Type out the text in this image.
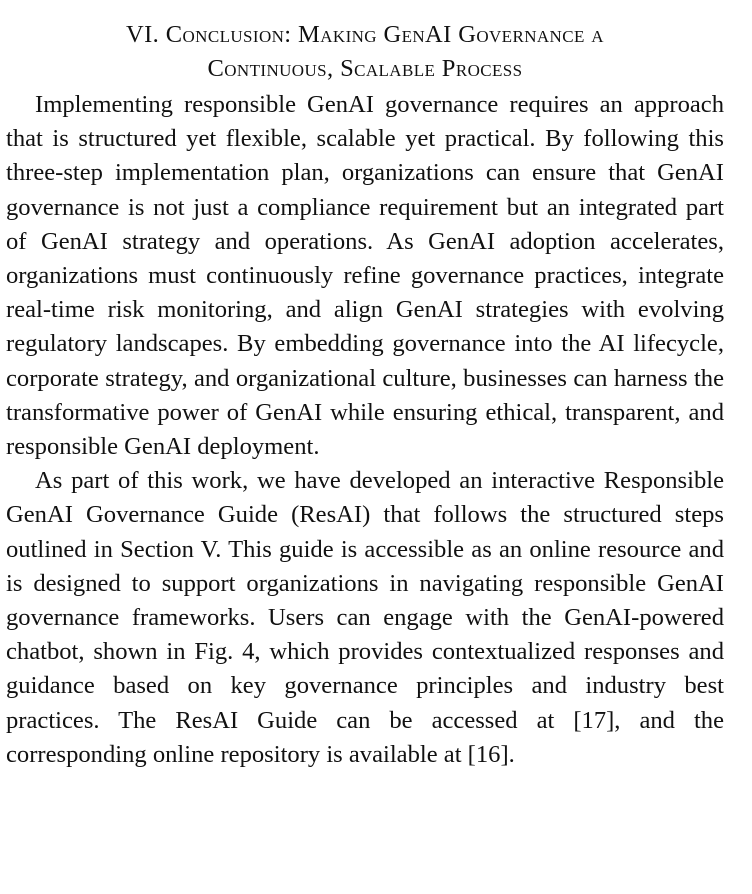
VI. Conclusion: Making GenAI Governance a
Continuous, Scalable Process

Implementing responsible GenAI governance requires an approach that is structured yet flexible, scalable yet practical. By following this three-step implementation plan, organizations can ensure that GenAI governance is not just a compliance requirement but an integrated part of GenAI strategy and operations. As GenAI adoption accelerates, organizations must continuously refine governance practices, integrate real-time risk monitoring, and align GenAI strategies with evolving regulatory landscapes. By embedding governance into the AI lifecycle, corporate strategy, and organizational culture, businesses can harness the transformative power of GenAI while ensuring ethical, transparent, and responsible GenAI deployment.

As part of this work, we have developed an interactive Responsible GenAI Governance Guide (ResAI) that follows the structured steps outlined in Section V. This guide is accessible as an online resource and is designed to support organizations in navigating responsible GenAI governance frameworks. Users can engage with the GenAI-powered chatbot, shown in Fig. 4, which provides contextualized responses and guidance based on key governance principles and industry best practices. The ResAI Guide can be accessed at [17], and the corresponding online repository is available at [16].
